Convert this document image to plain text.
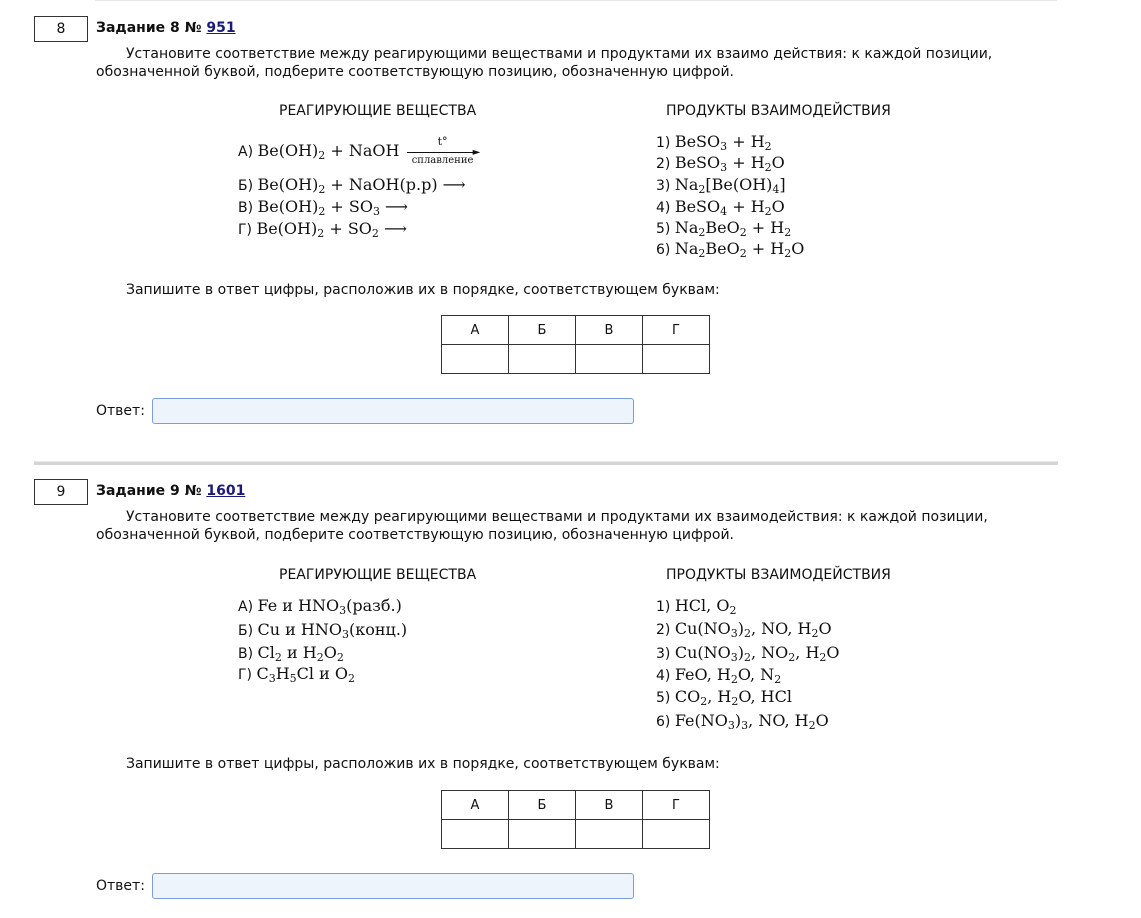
8	Задание 8 № 951
Установите соответствие между реагирующими веществами и продуктами их взаимо действия: к каждой позиции,
обозначенной буквой, подберите соответствующую позицию, обозначенную цифрой.
РЕАГИРУЮЩИЕ ВЕЩЕСТВА	ПРОДУКТЫ ВЗАИМОДЕЙСТВИЯ
А) $Be(OH)_2$ + NaOH	t°
►
сплавление
Б) $Be(OH)_2$ + NaOH(р.р) ⟶
В) $Be(OH)_2 + SO_3$ ⟶
Г) $Be(OH)_2 + SO_2$ ⟶
1) BeSO$_3$ + $H_2$
2) BeSO$_3$ + $H_2O$
3) $Na_2[Be(OH)_4]$
4) BeSO$_4$ + $H_2O$
5) $Na_2BeO_2 + H_2$
6) $Na_2BeO_2 + H_2O$
Запишите в ответ цифры, расположив их в порядке, соответствующем буквам:
А	Б	В	Г

Ответ:
9	Задание 9 № 1601
Установите соответствие между реагирующими веществами и продуктами их взаимодействия: к каждой позиции,
обозначенной буквой, подберите соответствующую позицию, обозначенную цифрой.
РЕАГИРУЮЩИЕ ВЕЩЕСТВА	ПРОДУКТЫ ВЗАИМОДЕЙСТВИЯ
А) Fe и $HNO_3(разб.)$
Б) Cu и $HNO_3(конц.)$
В) $Cl_2$ и $H_2O_2$
Г) $C_3H_5Cl$ и $O_2$
1) HCl, $O_2$
2) $Cu(NO_3)_2$, NO, $H_2O$
3) $Cu(NO_3)_2$, $NO_2$, $H_2O$
4) FeO, $H_2O$, $N_2$
5) $CO_2$, $H_2O$, HCl
6) $Fe(NO_3)_3$, NO, $H_2O$
Запишите в ответ цифры, расположив их в порядке, соответствующем буквам:
А	Б	В	Г

Ответ:
